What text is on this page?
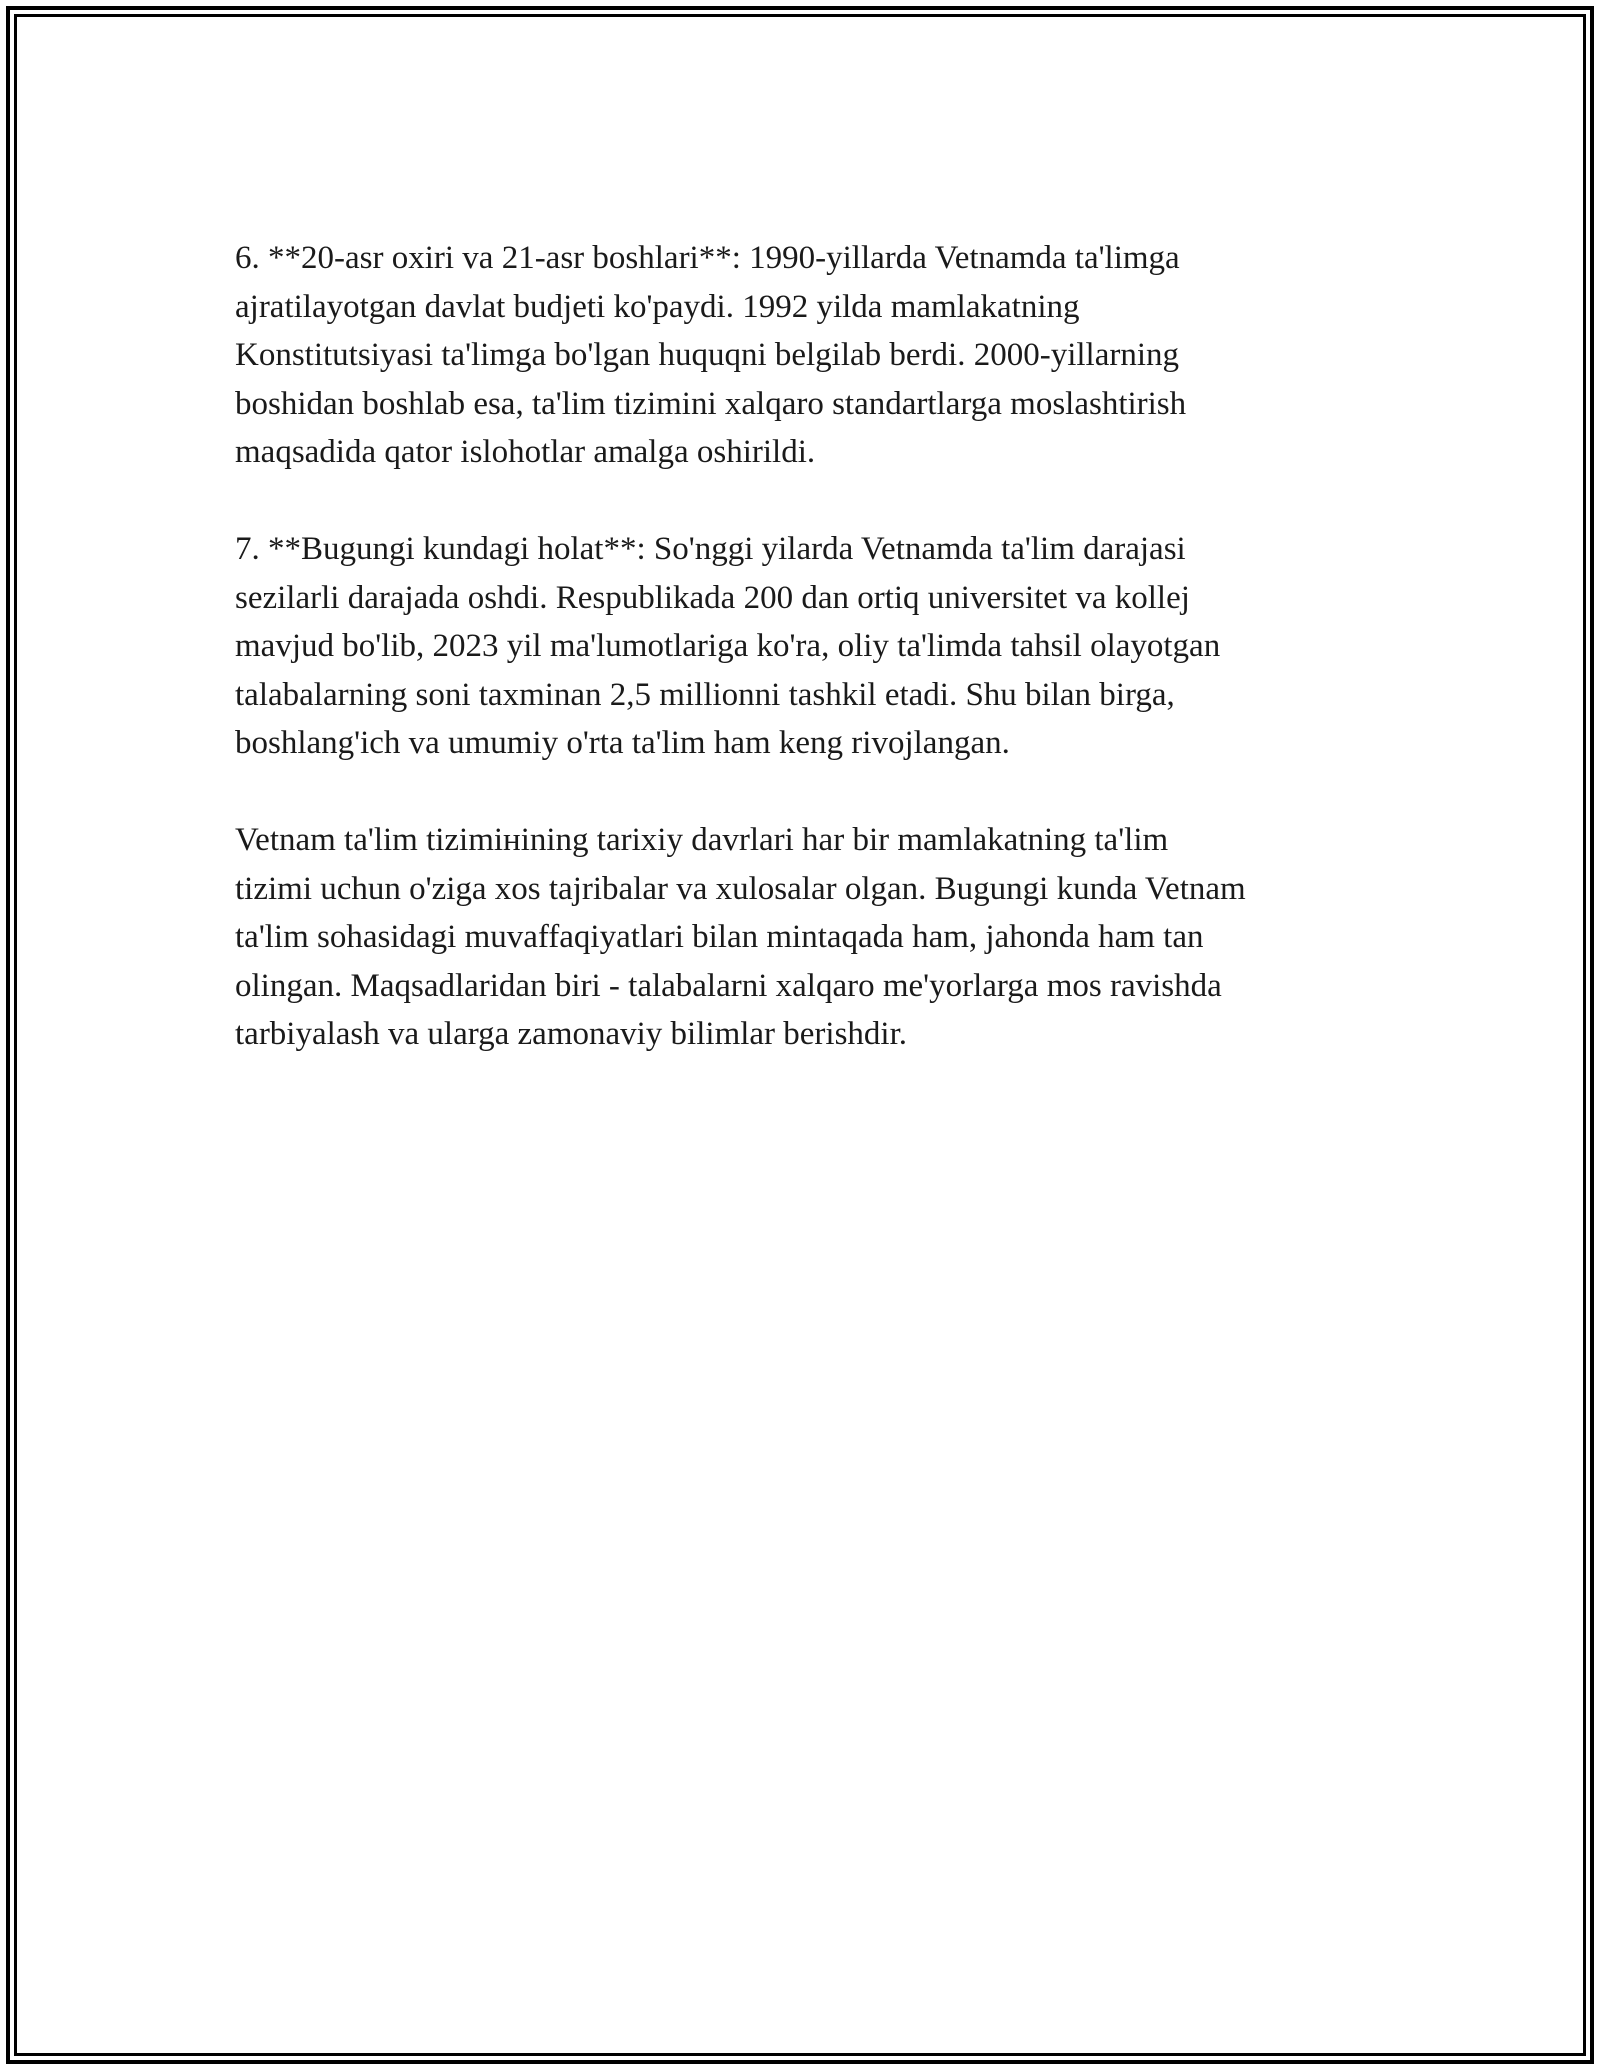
6. **20-asr oxiri va 21-asr boshlari**: 1990-yillarda Vetnamda ta'limga
ajratilayotgan davlat budjeti ko'paydi. 1992 yilda mamlakatning
Konstitutsiyasi ta'limga bo'lgan huquqni belgilab berdi. 2000-yillarning
boshidan boshlab esa, ta'lim tizimini xalqaro standartlarga moslashtirish
maqsadida qator islohotlar amalga oshirildi.

7. **Bugungi kundagi holat**: So'nggi yilarda Vetnamda ta'lim darajasi
sezilarli darajada oshdi. Respublikada 200 dan ortiq universitet va kollej
mavjud bo'lib, 2023 yil ma'lumotlariga ko'ra, oliy ta'limda tahsil olayotgan
talabalarning soni taxminan 2,5 millionni tashkil etadi. Shu bilan birga,
boshlang'ich va umumiy o'rta ta'lim ham keng rivojlangan.

Vetnam ta'lim tizimінining tarixiy davrlari har bir mamlakatning ta'lim
tizimi uchun o'ziga xos tajribalar va xulosalar olgan. Bugungi kunda Vetnam
ta'lim sohasidagi muvaffaqiyatlari bilan mintaqada ham, jahonda ham tan
olingan. Maqsadlaridan biri - talabalarni xalqaro me'yorlarga mos ravishda
tarbiyalash va ularga zamonaviy bilimlar berishdir.
